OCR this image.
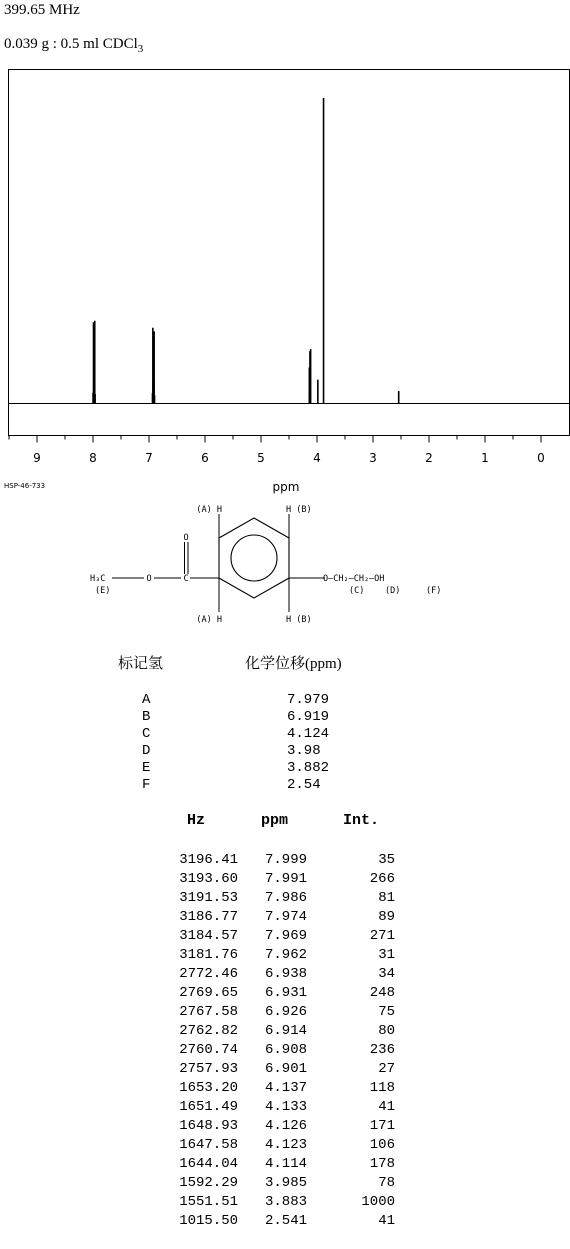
399.65 MHz
0.039 g : 0.5 ml CDCl$_3$
9	8	7	6	5	4	3	2	1	0
ppm
HSP-46-733
(A) H	H (B)
(A) H	H (B)
O
C
O
H₃C
(E)
O—CH₂—CH₂—OH
(C) (D)	(F)
标记氢	化学位移(ppm)
A	7.979
B	6.919
C	4.124
D	3.98
E	3.882
F	2.54
Hz	ppm	Int.
3196.41 7.999	35
3193.60 7.991	266
3191.53 7.986	81
3186.77 7.974	89
3184.57 7.969	271
3181.76 7.962	31
2772.46 6.938	34
2769.65 6.931	248
2767.58 6.926	75
2762.82 6.914	80
2760.74 6.908	236
2757.93 6.901	27
1653.20 4.137	118
1651.49 4.133	41
1648.93 4.126	171
1647.58 4.123	106
1644.04 4.114	178
1592.29 3.985	78
1551.51 3.883	1000
1015.50 2.541	41
